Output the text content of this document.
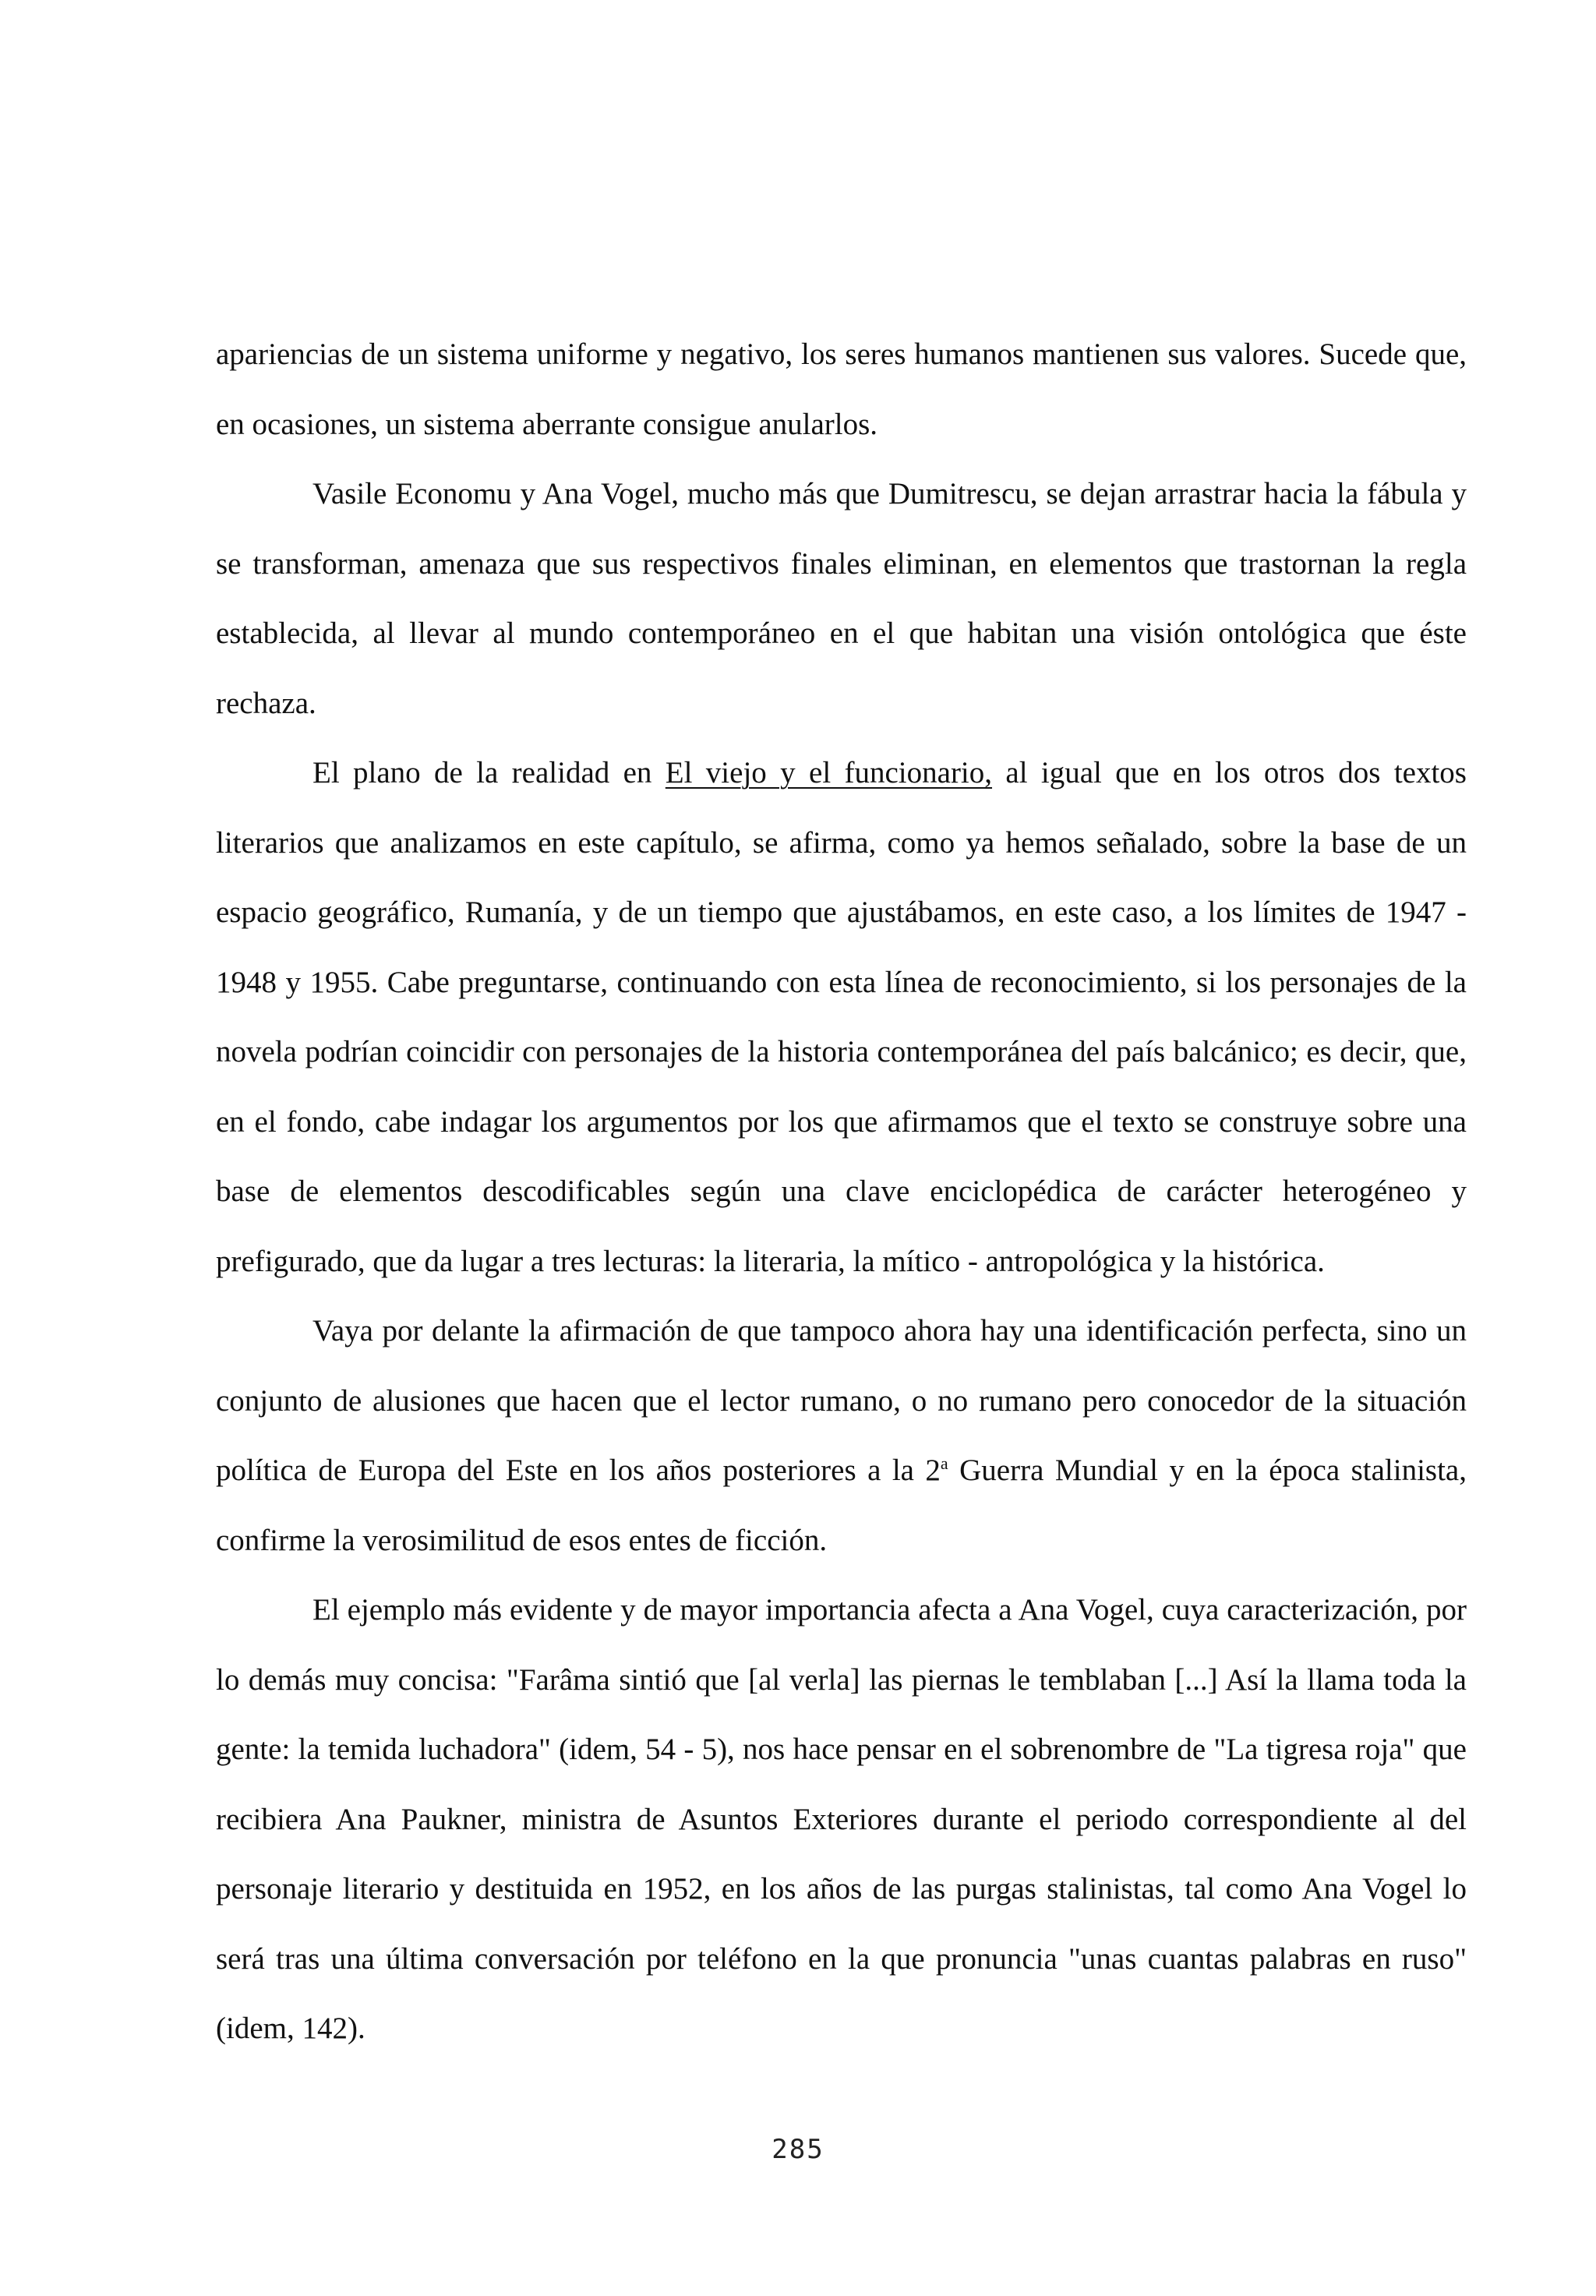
apariencias de un sistema uniforme y negativo, los seres humanos mantienen sus valores. Sucede que, en ocasiones, un sistema aberrante consigue anularlos.

Vasile Economu y Ana Vogel, mucho más que Dumitrescu, se dejan arrastrar hacia la fábula y se transforman, amenaza que sus respectivos finales eliminan, en elementos que trastornan la regla establecida, al llevar al mundo contemporáneo en el que habitan una visión ontológica que éste rechaza.

El plano de la realidad en El viejo y el funcionario, al igual que en los otros dos textos literarios que analizamos en este capítulo, se afirma, como ya hemos señalado, sobre la base de un espacio geográfico, Rumanía, y de un tiempo que ajustábamos, en este caso, a los límites de 1947 - 1948 y 1955. Cabe preguntarse, continuando con esta línea de reconocimiento, si los personajes de la novela podrían coincidir con personajes de la historia contemporánea del país balcánico; es decir, que, en el fondo, cabe indagar los argumentos por los que afirmamos que el texto se construye sobre una base de elementos descodificables según una clave enciclopédica de carácter heterogéneo y prefigurado, que da lugar a tres lecturas: la literaria, la mítico - antropológica y la histórica.

Vaya por delante la afirmación de que tampoco ahora hay una identificación perfecta, sino un conjunto de alusiones que hacen que el lector rumano, o no rumano pero conocedor de la situación política de Europa del Este en los años posteriores a la 2$^a$ Guerra Mundial y en la época stalinista, confirme la verosimilitud de esos entes de ficción.

El ejemplo más evidente y de mayor importancia afecta a Ana Vogel, cuya caracterización, por lo demás muy concisa: "Farâma sintió que [al verla] las piernas le temblaban [...] Así la llama toda la gente: la temida luchadora" (idem, 54 - 5), nos hace pensar en el sobrenombre de "La tigresa roja" que recibiera Ana Paukner, ministra de Asuntos Exteriores durante el periodo correspondiente al del personaje literario y destituida en 1952, en los años de las purgas stalinistas, tal como Ana Vogel lo será tras una última conversación por teléfono en la que pronuncia "unas cuantas palabras en ruso" (idem, 142).

285
